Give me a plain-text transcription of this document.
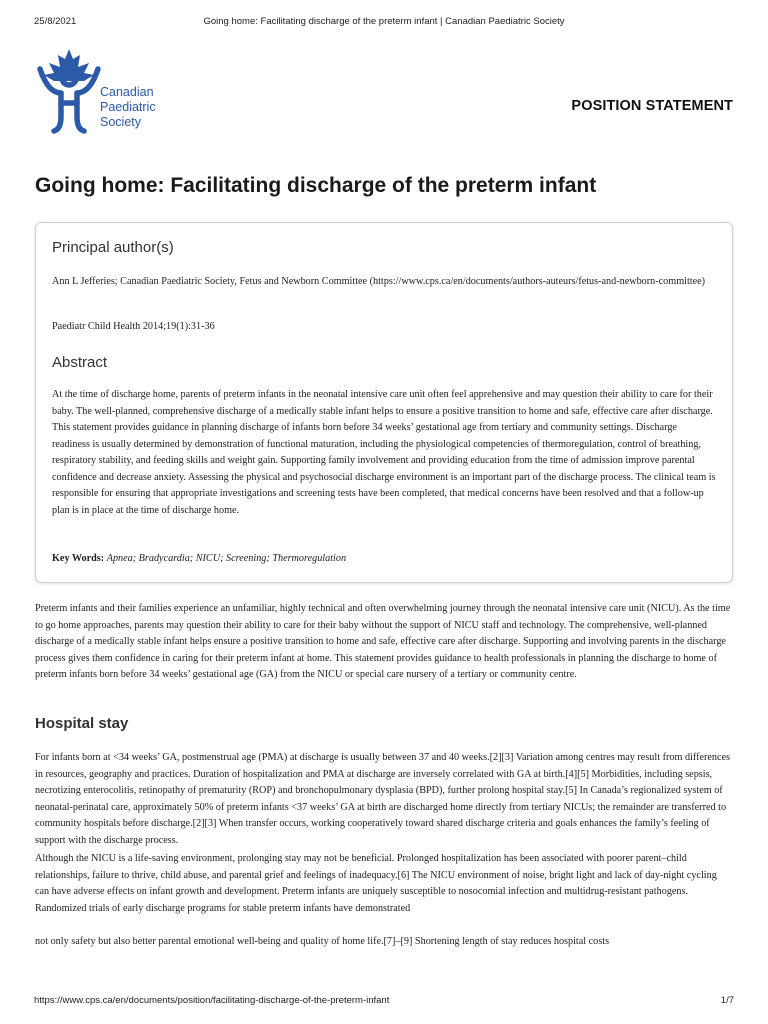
25/8/2021	Going home: Facilitating discharge of the preterm infant | Canadian Paediatric Society
Canadian
Paediatric
Society
POSITION STATEMENT
Going home: Facilitating discharge of the preterm infant
Principal author(s)

Ann L Jefferies; Canadian Paediatric Society, Fetus and Newborn Committee (https://www.cps.ca/en/documents/authors-auteurs/fetus-and-newborn-committee)

Paediatr Child Health 2014;19(1):31-36

Abstract

At the time of discharge home, parents of preterm infants in the neonatal intensive care unit often feel apprehensive and may question their ability to care for their baby. The well-planned, comprehensive discharge of a medically stable infant helps to ensure a positive transition to home and safe, effective care after discharge. This statement provides guidance in planning discharge of infants born before 34 weeks’ gestational age from tertiary and community settings. Discharge readiness is usually determined by demonstration of functional maturation, including the physiological competencies of thermoregulation, control of breathing, respiratory stability, and feeding skills and weight gain. Supporting family involvement and providing education from the time of admission improve parental confidence and decrease anxiety. Assessing the physical and psychosocial discharge environment is an important part of the discharge process. The clinical team is responsible for ensuring that appropriate investigations and screening tests have been completed, that medical concerns have been resolved and that a follow-up plan is in place at the time of discharge home.

Key Words: Apnea; Bradycardia; NICU; Screening; Thermoregulation

Preterm infants and their families experience an unfamiliar, highly technical and often overwhelming journey through the neonatal intensive care unit (NICU). As the time to go home approaches, parents may question their ability to care for their baby without the support of NICU staff and technology. The comprehensive, well-planned discharge of a medically stable infant helps ensure a positive transition to home and safe, effective care after discharge. Supporting and involving parents in the discharge process gives them confidence in caring for their preterm infant at home. This statement provides guidance to health professionals in planning the discharge to home of preterm infants born before 34 weeks’ gestational age (GA) from the NICU or special care nursery of a tertiary or community centre.

Hospital stay

For infants born at <34 weeks’ GA, postmenstrual age (PMA) at discharge is usually between 37 and 40 weeks.[2][3] Variation among centres may result from differences in resources, geography and practices. Duration of hospitalization and PMA at discharge are inversely correlated with GA at birth.[4][5] Morbidities, including sepsis, necrotizing enterocolitis, retinopathy of prematurity (ROP) and bronchopulmonary dysplasia (BPD), further prolong hospital stay.[5] In Canada’s regionalized system of neonatal-perinatal care, approximately 50% of preterm infants <37 weeks’ GA at birth are discharged home directly from tertiary NICUs; the remainder are transferred to community hospitals before discharge.[2][3] When transfer occurs, working cooperatively toward shared discharge criteria and goals enhances the family’s feeling of support with the discharge process.

Although the NICU is a life-saving environment, prolonging stay may not be beneficial. Prolonged hospitalization has been associated with poorer parent–child relationships, failure to thrive, child abuse, and parental grief and feelings of inadequacy.[6] The NICU environment of noise, bright light and lack of day-night cycling can have adverse effects on infant growth and development. Preterm infants are uniquely susceptible to nosocomial infection and multidrug-resistant pathogens. Randomized trials of early discharge programs for stable preterm infants have demonstrated

not only safety but also better parental emotional well-being and quality of home life.[7]–[9] Shortening length of stay reduces hospital costs

https://www.cps.ca/en/documents/position/facilitating-discharge-of-the-preterm-infant	1/7
